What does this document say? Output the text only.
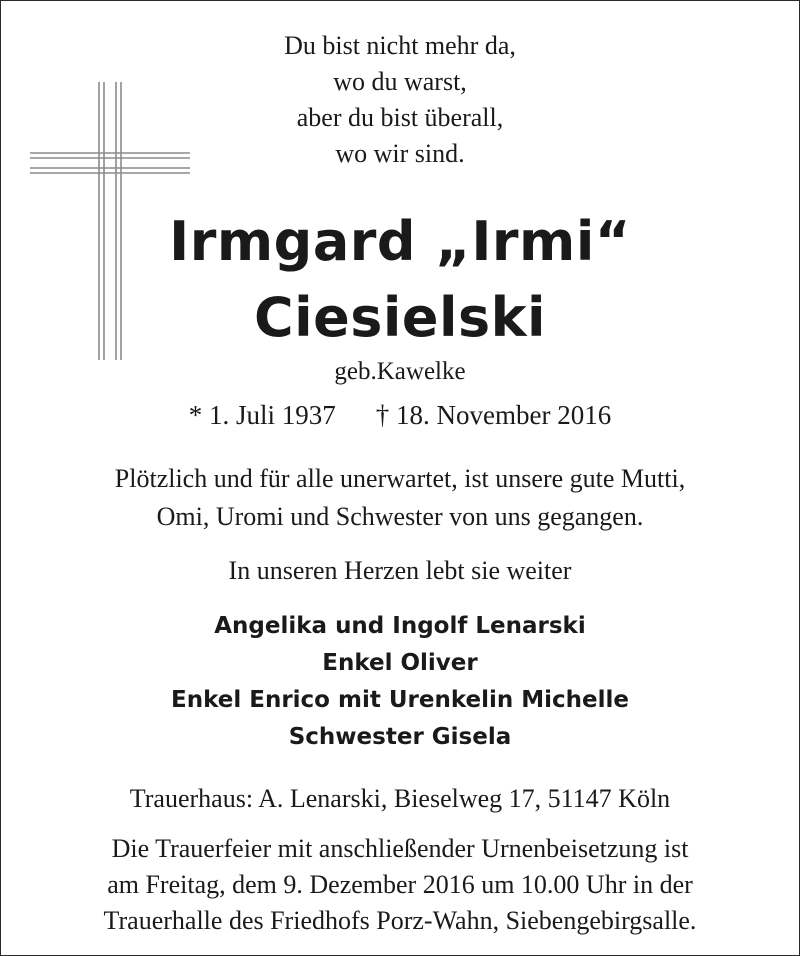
Du bist nicht mehr da,
wo du warst,
aber du bist überall,
wo wir sind.
Irmgard „Irmi“
Ciesielski
geb.Kawelke
* 1. Juli 1937 † 18. November 2016
Plötzlich und für alle unerwartet, ist unsere gute Mutti,
Omi, Uromi und Schwester von uns gegangen.
In unseren Herzen lebt sie weiter
Angelika und Ingolf Lenarski
Enkel Oliver
Enkel Enrico mit Urenkelin Michelle
Schwester Gisela
Trauerhaus: A. Lenarski, Bieselweg 17, 51147 Köln
Die Trauerfeier mit anschließender Urnenbeisetzung ist
am Freitag, dem 9. Dezember 2016 um 10.00 Uhr in der
Trauerhalle des Friedhofs Porz-Wahn, Siebengebirgsalle.
